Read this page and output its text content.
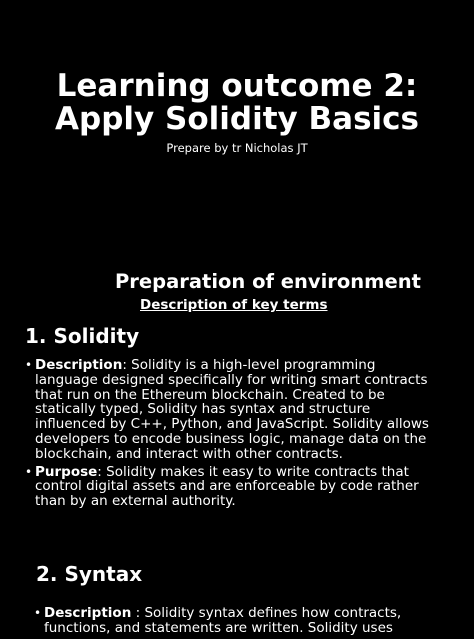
Learning outcome 2:
Apply Solidity Basics

Prepare by tr Nicholas JT

Preparation of environment

Description of key terms

1. Solidity
• Description: Solidity is a high-level programming language designed specifically for writing smart contracts that run on the Ethereum blockchain. Created to be statically typed, Solidity has syntax and structure influenced by C++, Python, and JavaScript. Solidity allows developers to encode business logic, manage data on the blockchain, and interact with other contracts.
• Purpose: Solidity makes it easy to write contracts that control digital assets and are enforceable by code rather than by an external authority.
2. Syntax
• Description : Solidity syntax defines how contracts, functions, and statements are written. Solidity uses
